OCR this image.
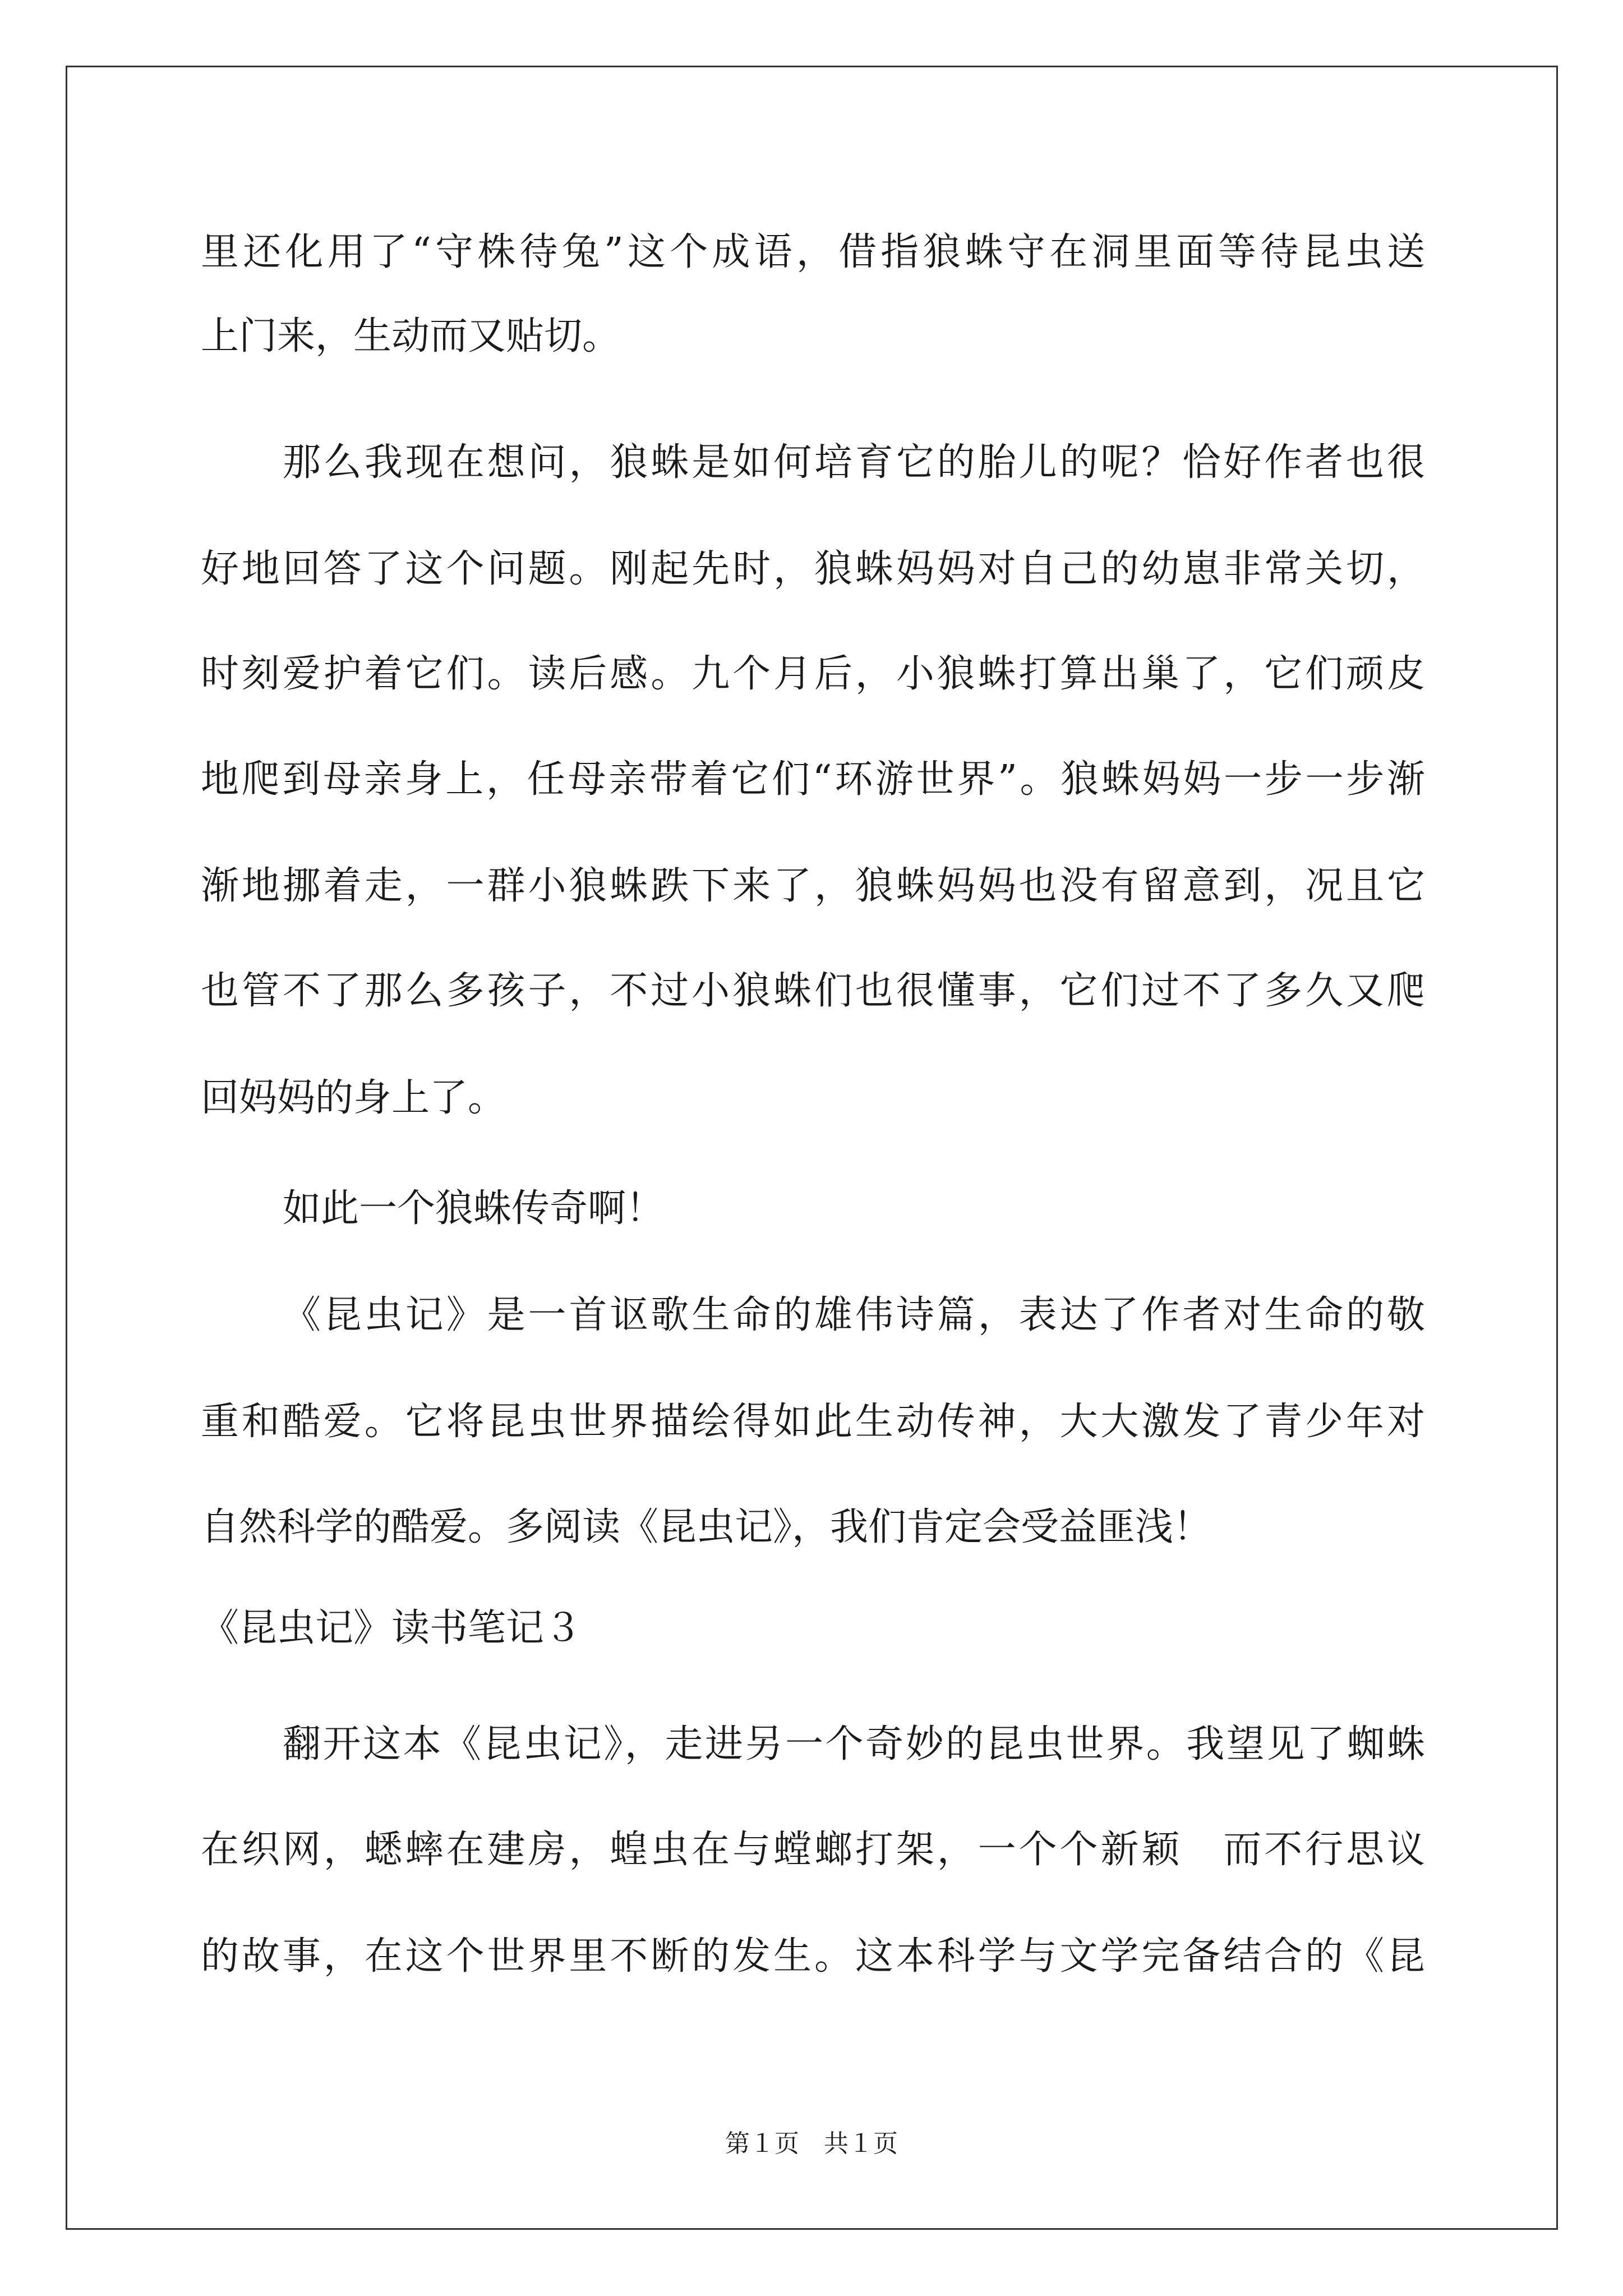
里还化用了“守株待兔”这个成语，借指狼蛛守在洞里面等待昆虫送
上门来，生动而又贴切。
那么我现在想问，狼蛛是如何培育它的胎儿的呢？恰好作者也很
好地回答了这个问题。刚起先时，狼蛛妈妈对自己的幼崽非常关切，
时刻爱护着它们。读后感。九个月后，小狼蛛打算出巢了，它们顽皮
地爬到母亲身上，任母亲带着它们“环游世界”。狼蛛妈妈一步一步渐
渐地挪着走，一群小狼蛛跌下来了，狼蛛妈妈也没有留意到，况且它
也管不了那么多孩子，不过小狼蛛们也很懂事，它们过不了多久又爬
回妈妈的身上了。
如此一个狼蛛传奇啊！
《昆虫记》是一首讴歌生命的雄伟诗篇，表达了作者对生命的敬
重和酷爱。它将昆虫世界描绘得如此生动传神，大大激发了青少年对
自然科学的酷爱。多阅读《昆虫记》，我们肯定会受益匪浅！
《昆虫记》读书笔记３
翻开这本《昆虫记》，走进另一个奇妙的昆虫世界。我望见了蜘蛛
在织网，蟋蟀在建房，蝗虫在与螳螂打架，一个个新颖　而不行思议
的故事，在这个世界里不断的发生。这本科学与文学完备结合的《昆
第１页　共１页
